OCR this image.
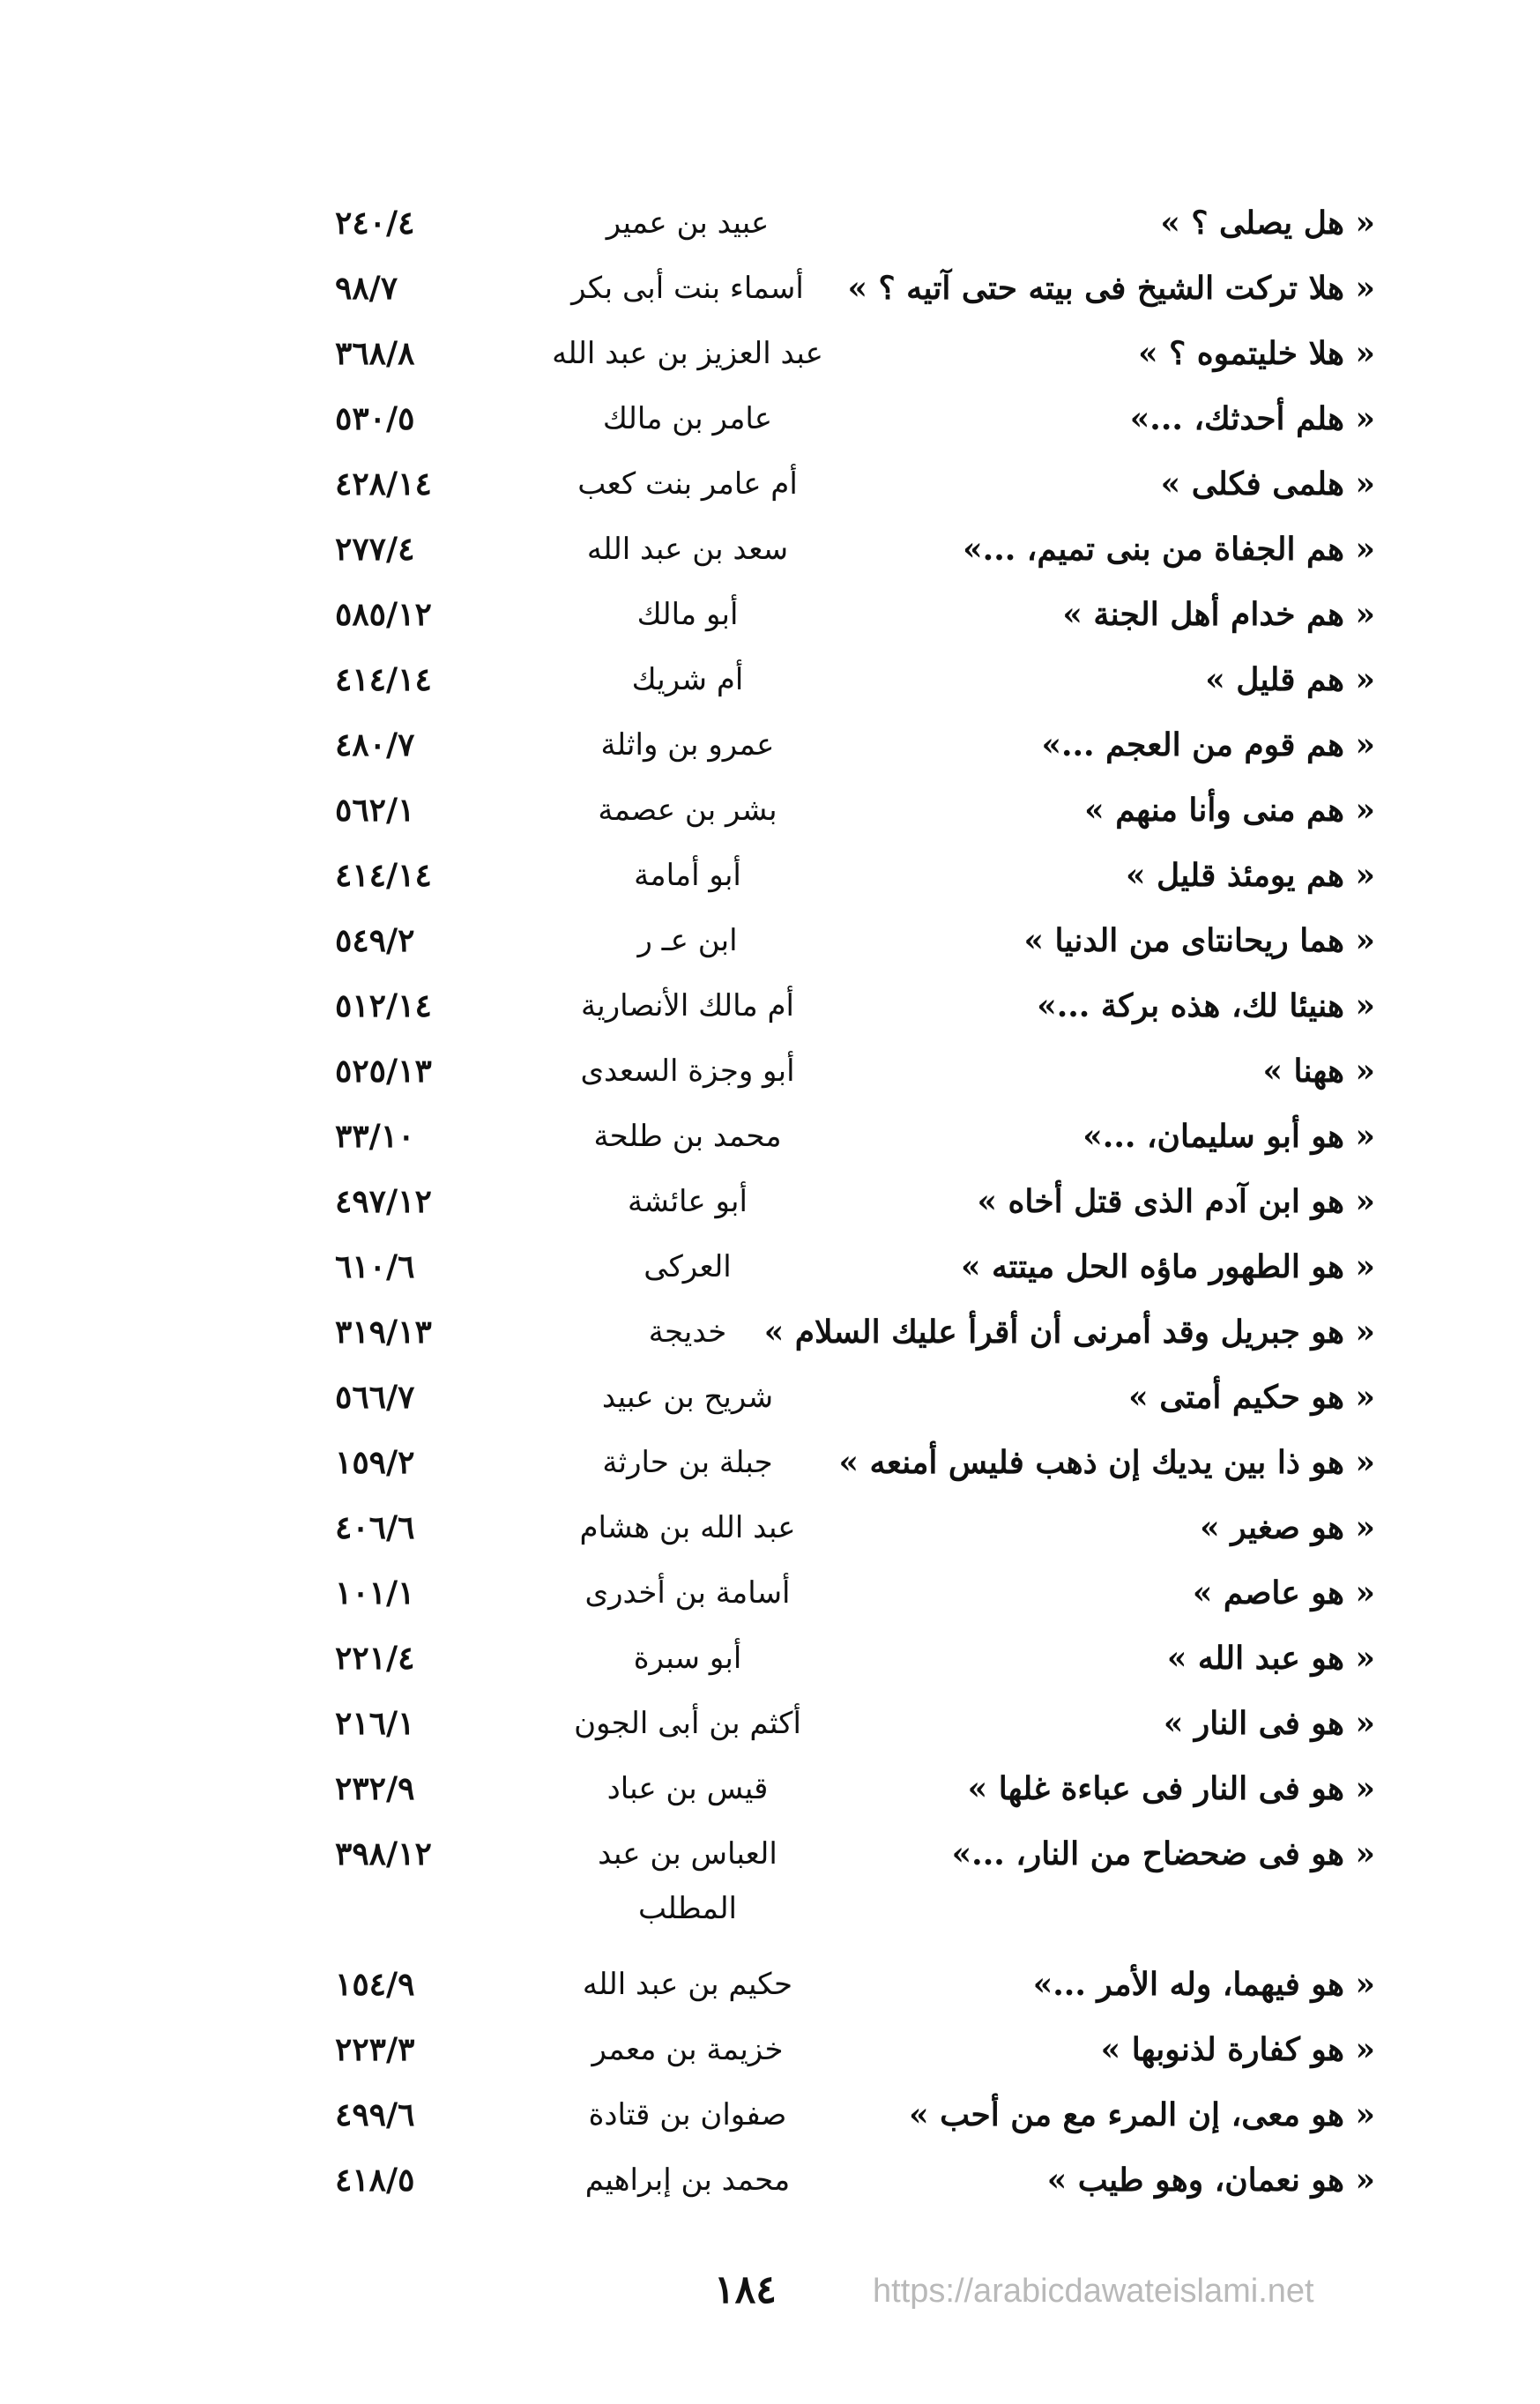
« هل يصلى ؟ »
عبيد بن عمير
٢٤٠/٤
« هلا تركت الشيخ فى بيته حتى آتيه ؟ »
أسماء بنت أبى بكر
٩٨/٧
« هلا خليتموه ؟ »
عبد العزيز بن عبد الله
٣٦٨/٨
« هلم أحدثك، ...»
عامر بن مالك
٥٣٠/٥
« هلمى فكلى »
أم عامر بنت كعب
٤٢٨/١٤
« هم الجفاة من بنى تميم، ...»
سعد بن عبد الله
٢٧٧/٤
« هم خدام أهل الجنة »
أبو مالك
٥٨٥/١٢
« هم قليل »
أم شريك
٤١٤/١٤
« هم قوم من العجم ...»
عمرو بن واثلة
٤٨٠/٧
« هم منى وأنا منهم »
بشر بن عصمة
٥٦٢/١
« هم يومئذ قليل »
أبو أمامة
٤١٤/١٤
« هما ريحانتاى من الدنيا »
ابن عـ ر
٥٤٩/٢
« هنيئا لك، هذه بركة ...»
أم مالك الأنصارية
٥١٢/١٤
« ههنا »
أبو وجزة السعدى
٥٢٥/١٣
« هو أبو سليمان، ...»
محمد بن طلحة
٣٣/١٠
« هو ابن آدم الذى قتل أخاه »
أبو عائشة
٤٩٧/١٢
« هو الطهور ماؤه الحل ميتته »
العركى
٦١٠/٦
« هو جبريل وقد أمرنى أن أقرأ عليك السلام »
خديجة
٣١٩/١٣
« هو حكيم أمتى »
شريح بن عبيد
٥٦٦/٧
« هو ذا بين يديك إن ذهب فليس أمنعه »
جبلة بن حارثة
١٥٩/٢
« هو صغير »
عبد الله بن هشام
٤٠٦/٦
« هو عاصم »
أسامة بن أخدرى
١٠١/١
« هو عبد الله »
أبو سبرة
٢٢١/٤
« هو فى النار »
أكثم بن أبى الجون
٢١٦/١
« هو فى النار فى عباءة غلها »
قيس بن عباد
٢٣٢/٩
« هو فى ضحضاح من النار، ...»
العباس بن عبد المطلب
٣٩٨/١٢
« هو فيهما، وله الأمر ...»
حكيم بن عبد الله
١٥٤/٩
« هو كفارة لذنوبها »
خزيمة بن معمر
٢٢٣/٣
« هو معى، إن المرء مع من أحب »
صفوان بن قتادة
٤٩٩/٦
« هو نعمان، وهو طيب »
محمد بن إبراهيم
٤١٨/٥
https://arabicdawateislami.net
١٨٤
